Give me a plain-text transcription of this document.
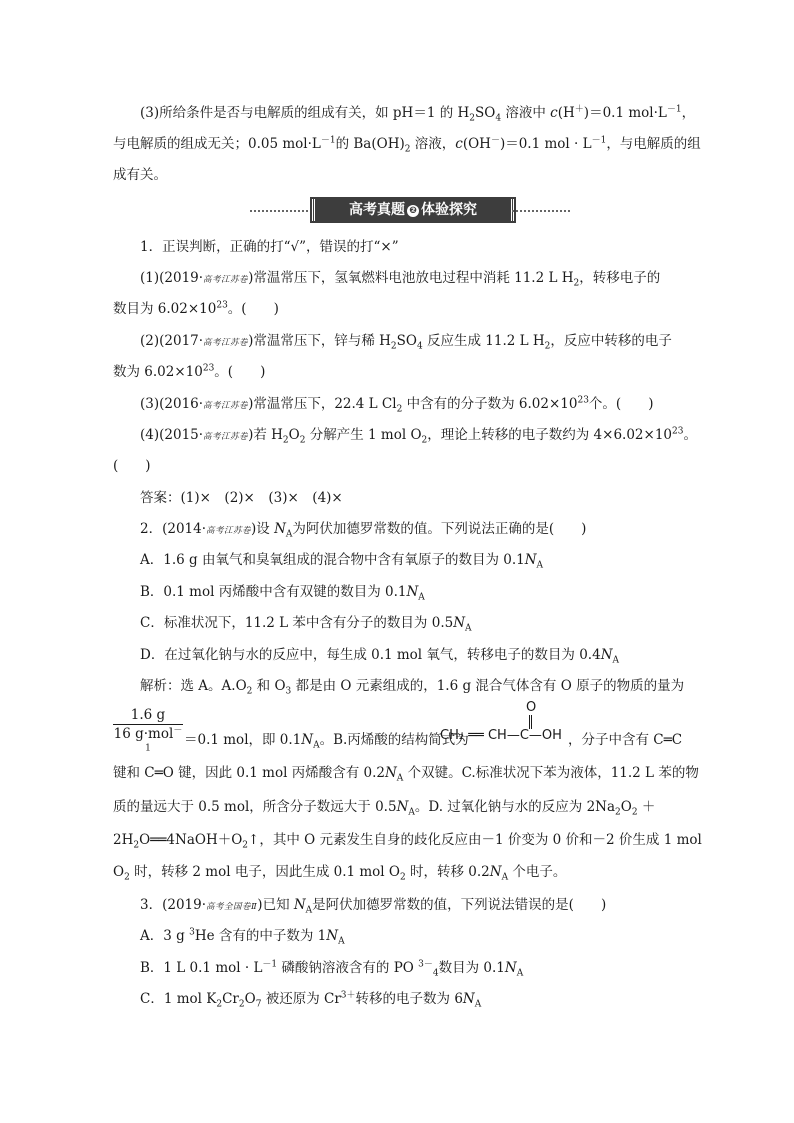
(3)所给条件是否与电解质的组成有关，如 pH＝1 的 $H_2SO_4$ 溶液中 c(H＋)＝0.1 $mol\cdot L^{-1}$，
与电解质的组成无关；0.05 $mol\cdot L^{-1}$的 $Ba(OH)_2$ 溶液，c(OH－)＝0.1 mol · $L^{-1}$，与电解质的组
成有关。
高考真题 ❷ 体验探究
1．正误判断，正确的打“√”，错误的打“×”
(1)(2019·高考江苏卷)常温常压下，氢氧燃料电池放电过程中消耗 11.2 L $H_2$，转移电子的
数目为 $6.02\times 10^{23}$。(　　)
(2)(2017·高考江苏卷)常温常压下，锌与稀 $H_2SO_4$ 反应生成 11.2 L $H_2$，反应中转移的电子
数为 $6.02\times 10^{23}$。(　　)
(3)(2016·高考江苏卷)常温常压下，22.4 L $Cl_2$ 中含有的分子数为 $6.02\times 10^{23}$个。(　　)
(4)(2015·高考江苏卷)若 $H_2O_2$ 分解产生 1 mol $O_2$，理论上转移的电子数约为 $4\times 6.02\times 10^{23}$。
(　　)
答案：(1)×　(2)×　(3)×　(4)×
2．(2014·高考江苏卷)设 $N_A$为阿伏加德罗常数的值。下列说法正确的是(　　)
A．1.6 g 由氧气和臭氧组成的混合物中含有氧原子的数目为 $0.1N_A$
B．0.1 mol 丙烯酸中含有双键的数目为 $0.1N_A$
C．标准状况下，11.2 L 苯中含有分子的数目为 $0.5N_A$
D．在过氧化钠与水的反应中，每生成 0.1 mol 氧气，转移电子的数目为 $0.4N_A$
解析：选 A。$A.O_2$ 和 $O_3$ 都是由 O 元素组成的，1.6 g 混合气体含有 O 原子的物质的量为
1.6 g
16 g·mol$^{-1}$
＝0.1 mol，即 $0.1N_A$。B.丙烯酸的结构简式为
O
CH₂ ══ CH—C—OH ，分子中含有 C═C
键和 C═O 键，因此 0.1 mol 丙烯酸含有 $0.2N_A$ 个双键。C.标准状况下苯为液体，11.2 L 苯的物
质的量远大于 0.5 mol，所含分子数远大于 $0.5N_A$。D. 过氧化钠与水的反应为 $2Na_2O_2$ ＋
$2H_2O══4NaOH+O_2↑$，其中 O 元素发生自身的歧化反应由－1 价变为 0 价和－2 价生成 1 mol
$O_2$ 时，转移 2 mol 电子，因此生成 0.1 mol $O_2$ 时，转移 $0.2N_A$ 个电子。
3．(2019·高考全国卷Ⅱ)已知 $N_A$是阿伏加德罗常数的值，下列说法错误的是(　　)
A．3 g $^3$He 含有的中子数为 $1N_A$
B．1 L 0.1 mol · $L^{-1}$ 磷酸钠溶液含有的 PO $^{3-}_4$数目为 $0.1N_A$
C．1 mol $K_2Cr_2O_7$ 被还原为 $Cr^{3+}$转移的电子数为 $6N_A$
